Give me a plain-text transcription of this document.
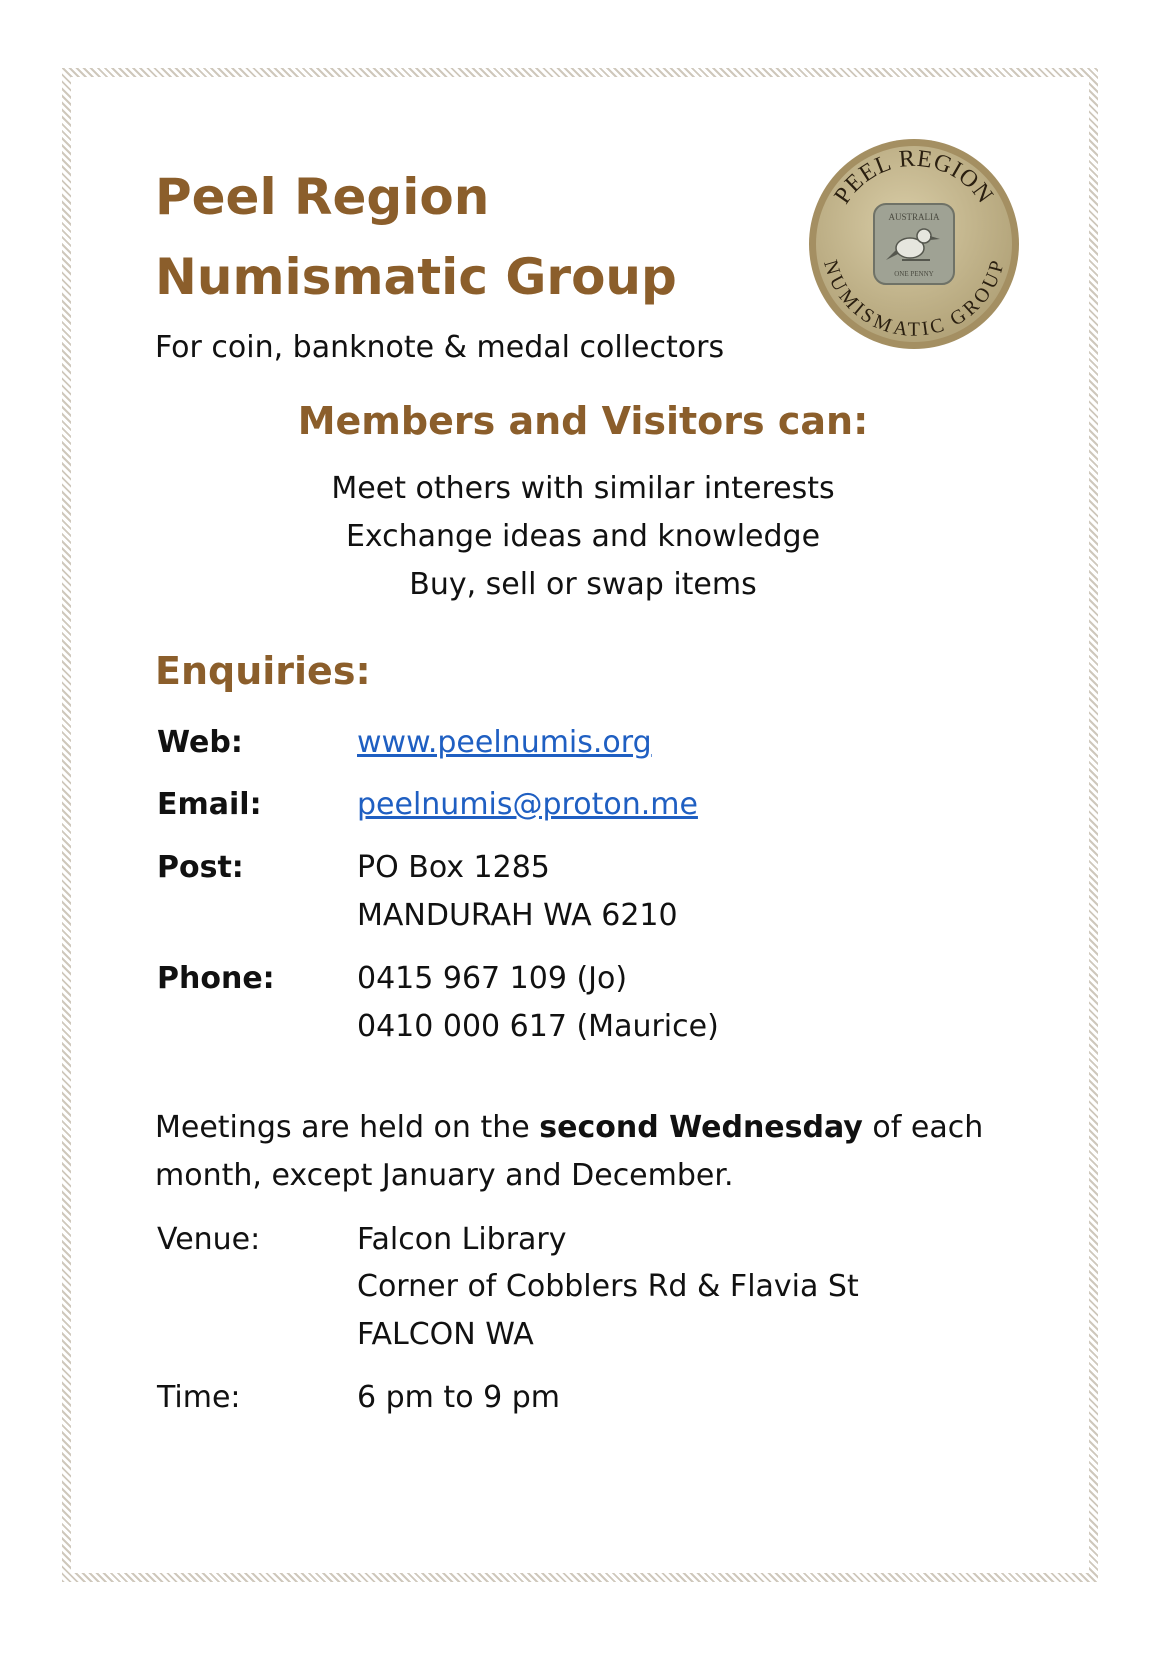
Peel Region
Numismatic Group
PEEL REGION
NUMISMATIC GROUP
AUSTRALIA
ONE PENNY
For coin, banknote & medal collectors
Members and Visitors can:
Meet others with similar interests
Exchange ideas and knowledge
Buy, sell or swap items
Enquiries:
Web:	www.peelnumis.org
Email:	peelnumis@proton.me
Post:	PO Box 1285
MANDURAH WA 6210
Phone:	0415 967 109 (Jo)
0410 000 617 (Maurice)
Meetings are held on the second Wednesday of each
month, except January and December.
Venue:	Falcon Library
Corner of Cobblers Rd & Flavia St
FALCON WA
Time:	6 pm to 9 pm
